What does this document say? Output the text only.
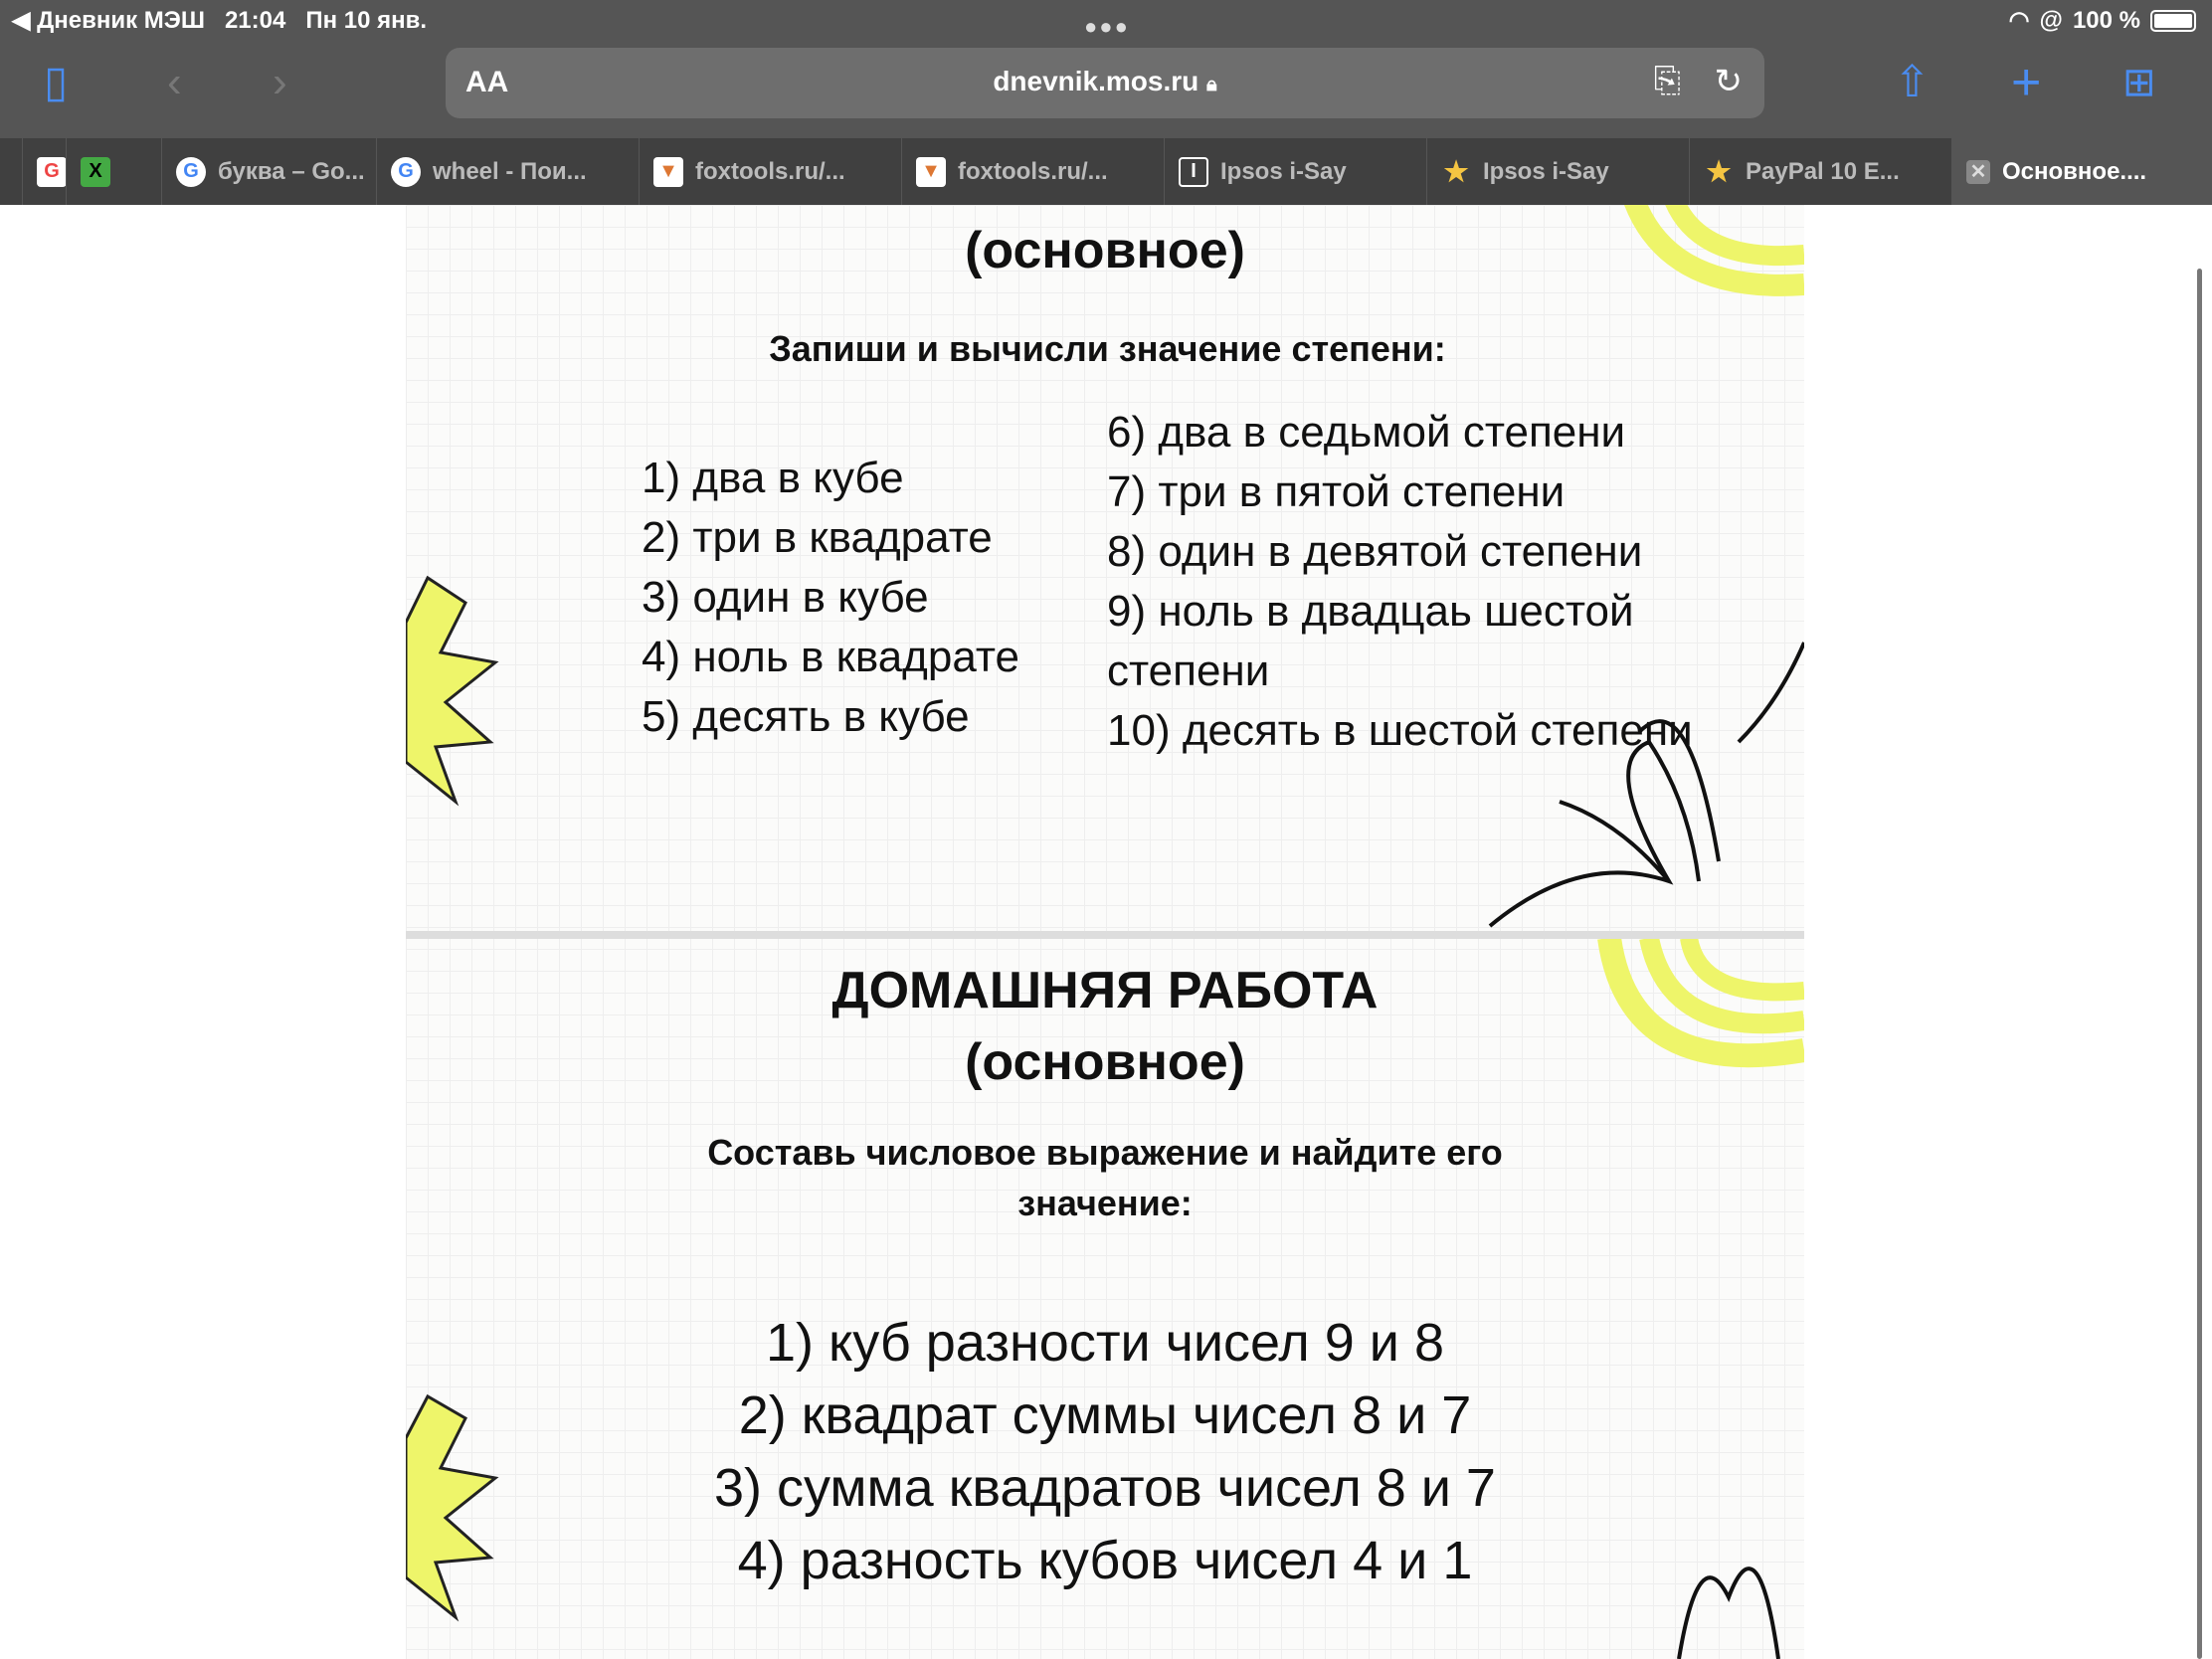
◀ Дневник МЭШ 21:04 Пн 10 янв.	●●●	◠ @ 100 %
▯ ‹ ›	AA	dnevnik.mos.ru 🔒︎	⎘ ↻	⇧ + ⊞
G	X	G буква – Go...	G wheel - Пои...	▼ foxtools.ru/...	▼ foxtools.ru/...	I	Ipsos i-Say	★ Ipsos i-Say	★ PayPal 10 E...	✕ Основное....
(основное)
Запиши и вычисли значение степени:
1) два в кубе
2) три в квадрате
3) один в кубе
4) ноль в квадрате
5) десять в кубе
6) два в седьмой степени
7) три в пятой степени
8) один в девятой степени
9) ноль в двадцаь шестой
степени
10) десять в шестой степени
ДОМАШНЯЯ РАБОТА
(основное)
Составь числовое выражение и найдите его
значение:
1) куб разности чисел 9 и 8
2) квадрат суммы чисел 8 и 7
3) сумма квадратов чисел 8 и 7
4) разность кубов чисел 4 и 1
